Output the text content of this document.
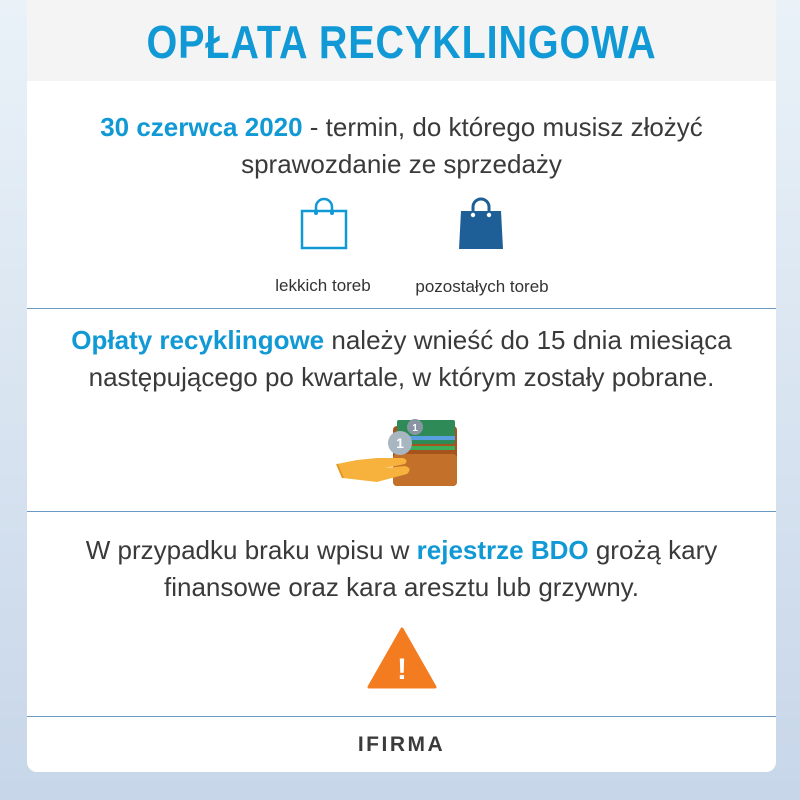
OPŁATA RECYKLINGOWA
30 czerwca 2020 - termin, do którego musisz złożyć
sprawozdanie ze sprzedaży
lekkich toreb	pozostałych toreb
Opłaty recyklingowe należy wnieść do 15 dnia miesiąca
następującego po kwartale, w którym zostały pobrane.
1
1
W przypadku braku wpisu w rejestrze BDO grożą kary
finansowe oraz kara aresztu lub grzywny.
!
IFIRMA
